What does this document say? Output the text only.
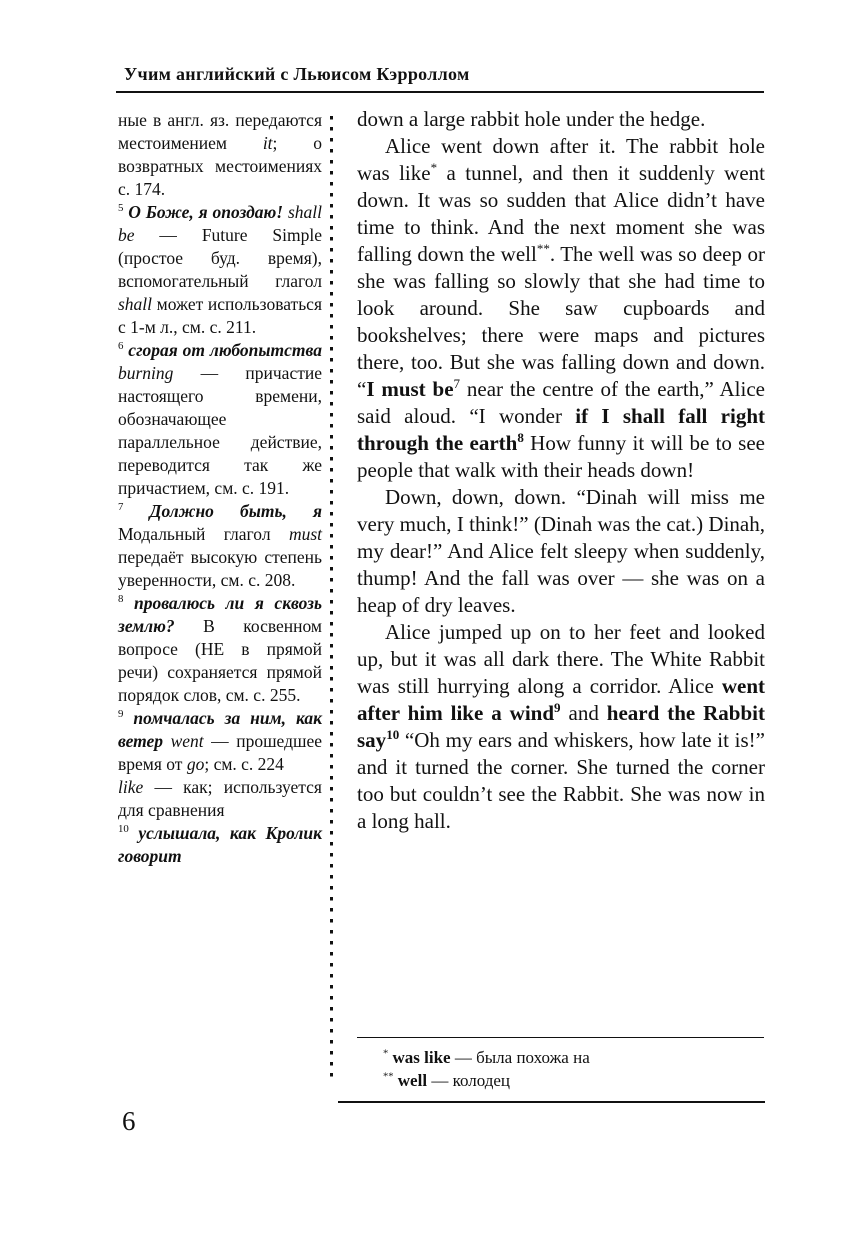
Учим английский с Льюисом Кэрроллом

ные в англ. яз. передаются местоимением it; о возвратных местоимениях с. 174.

$^5$ О Боже, я опоздаю! shall be — Future Simple (простое буд. время), вспомогательный глагол shall может использоваться с 1-м л., см. с. 211.

$^6$ сгорая от любопытства burning — причастие настоящего времени, обозначающее параллельное действие, переводится так же причастием, см. с. 191.

$^7$ Должно быть, я Модальный глагол must передаёт высокую степень уверенности, см. с. 208.

$^8$ провалюсь ли я сквозь землю? В косвенном вопросе (НЕ в прямой речи) сохраняется прямой порядок слов, см. с. 255.

$^9$ помчалась за ним, как ветер went — прошедшее время от go; см. с. 224

like — как; используется для сравнения

$^{10}$ услышала, как Кролик говорит

down a large rabbit hole under the hedge.

Alice went down after it. The rabbit hole was like* a tunnel, and then it suddenly went down. It was so sudden that Alice didn’t have time to think. And the next moment she was falling down the well**. The well was so deep or she was falling so slowly that she had time to look around. She saw cupboards and bookshelves; there were maps and pictures there, too. But she was falling down and down. “I must $be^7$ near the centre of the earth,” Alice said aloud. “I wonder if I shall fall right through the earth$^8$ How funny it will be to see people that walk with their heads down!

Down, down, down. “Dinah will miss me very much, I think!” (Dinah was the cat.) Dinah, my dear!” And Alice felt sleepy when suddenly, thump! And the fall was over — she was on a heap of dry leaves.

Alice jumped up on to her feet and looked up, but it was all dark there. The White Rabbit was still hurrying along a corridor. Alice went after him like a wind$^9$ and heard the Rabbit say$^{10}$ “Oh my ears and whiskers, how late it is!” and it turned the corner. She turned the corner too but couldn’t see the Rabbit. She was now in a long hall.

* was like — была похожа на

** well — колодец

6
